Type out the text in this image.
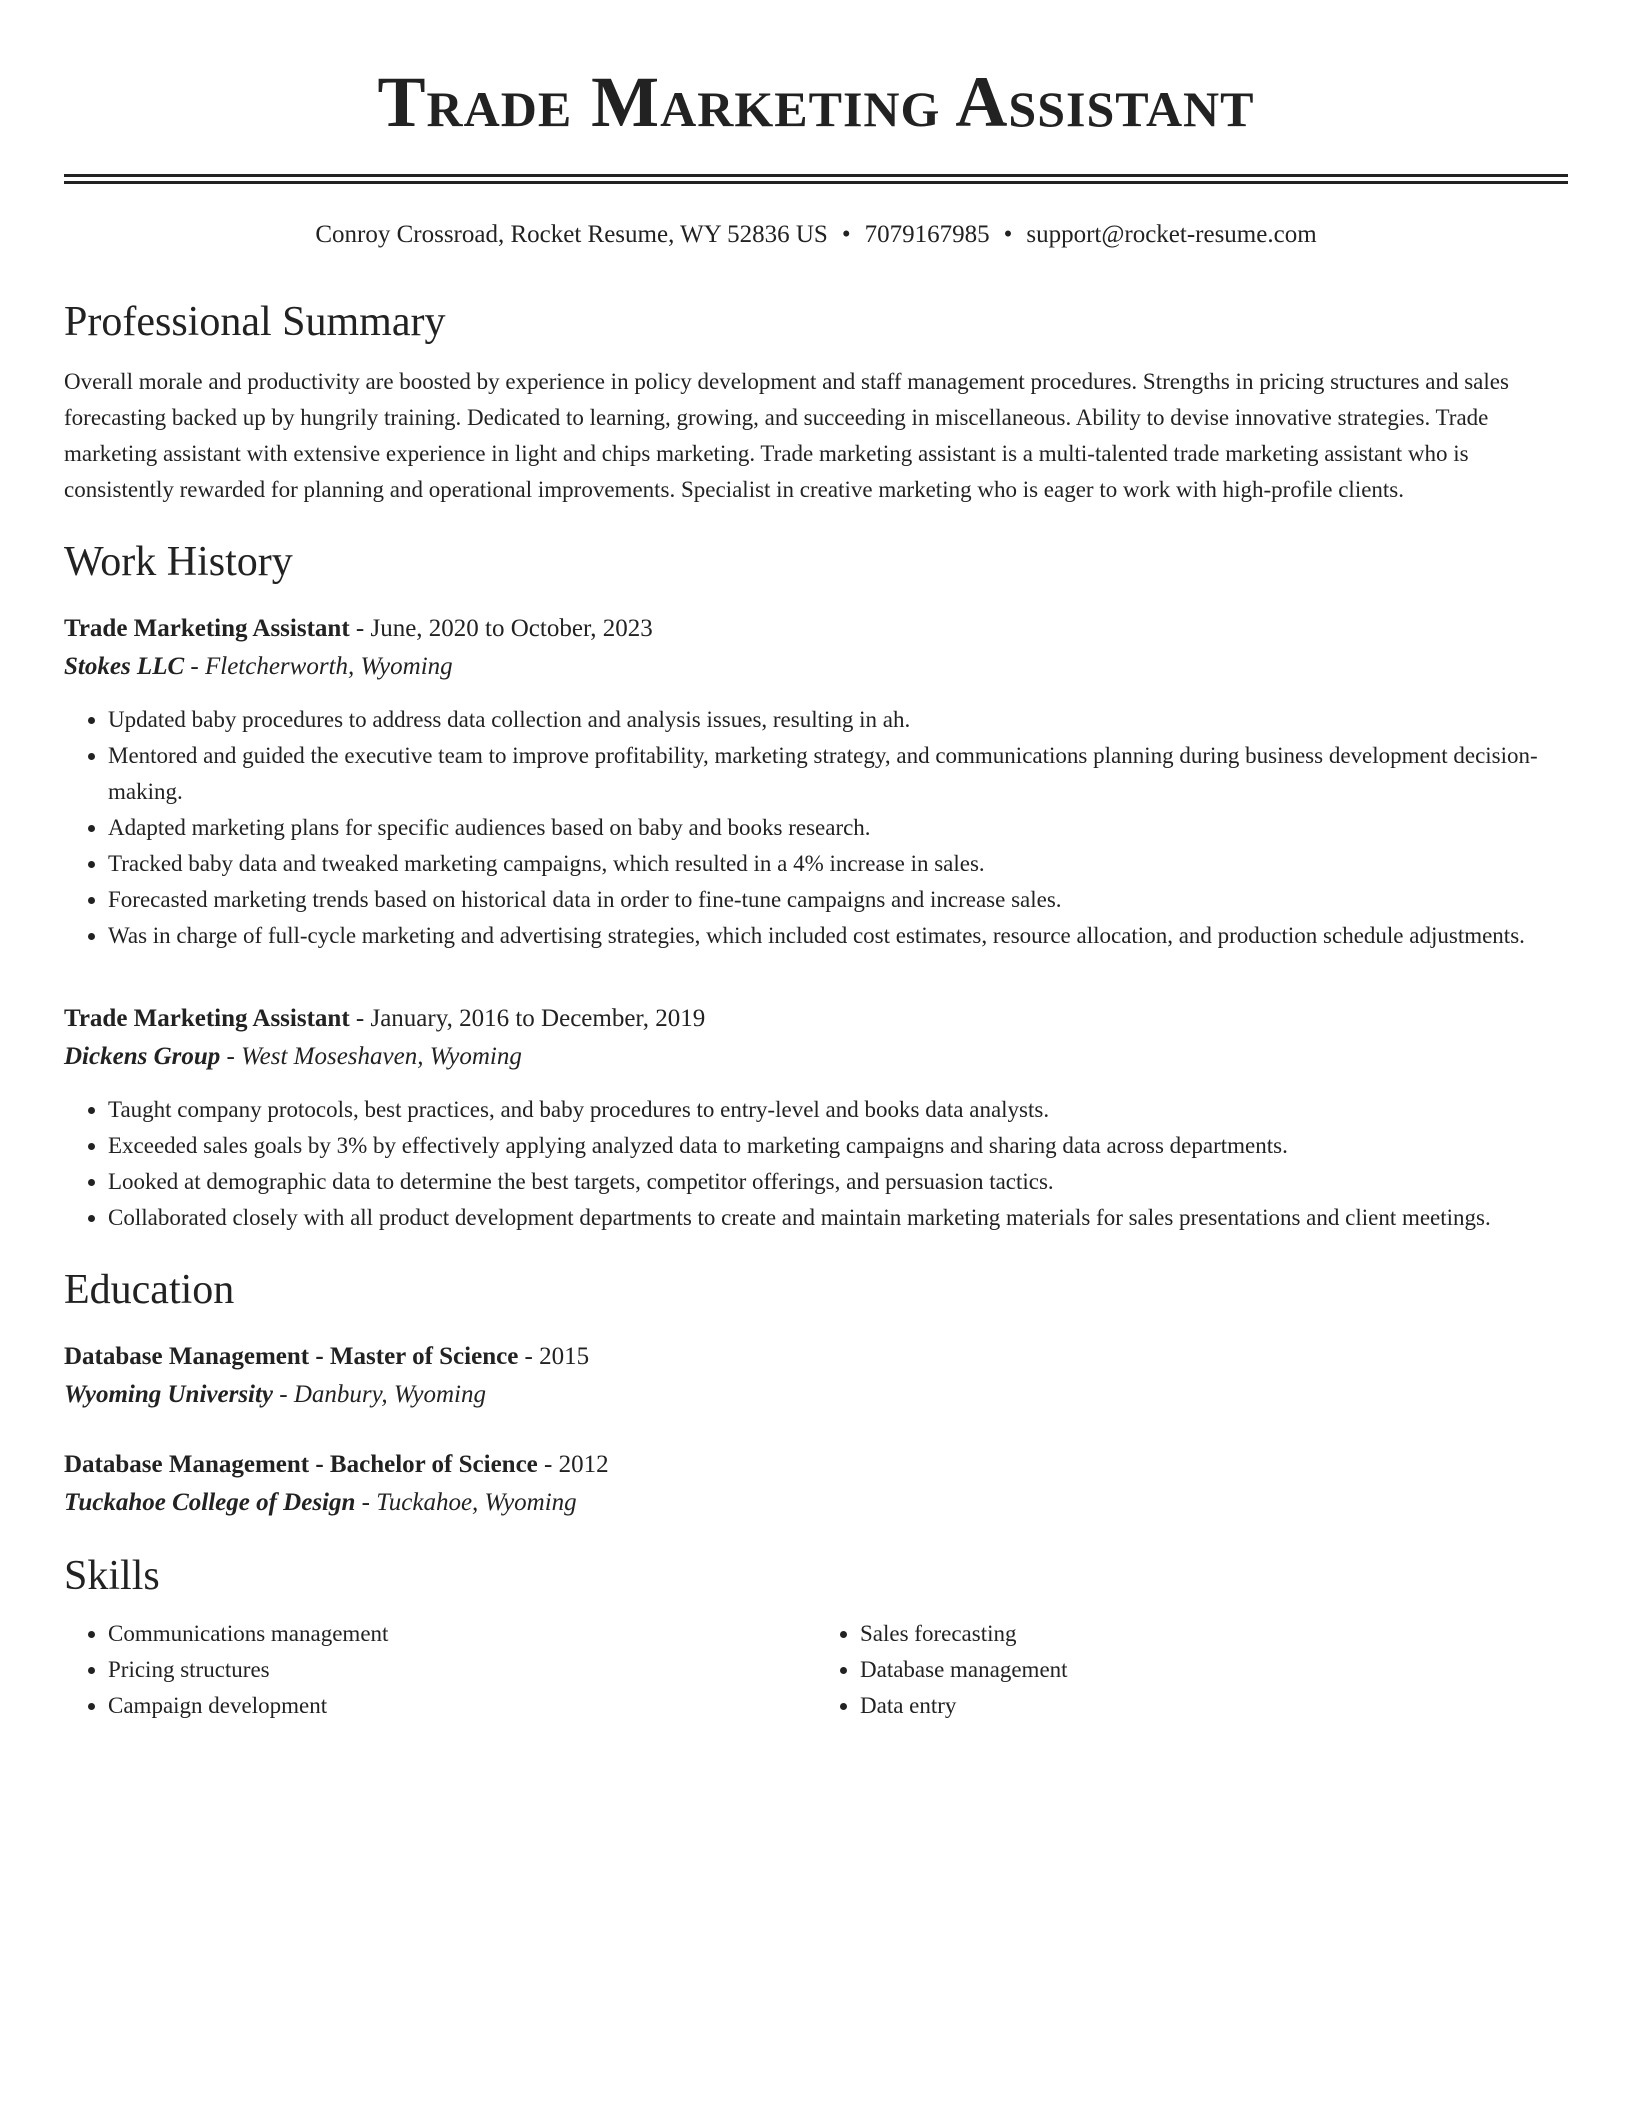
Trade Marketing Assistant
Conroy Crossroad, Rocket Resume, WY 52836 US • 7079167985 • support@rocket-resume.com
Professional Summary
Overall morale and productivity are boosted by experience in policy development and staff management procedures. Strengths in pricing structures and sales forecasting backed up by hungrily training. Dedicated to learning, growing, and succeeding in miscellaneous. Ability to devise innovative strategies. Trade marketing assistant with extensive experience in light and chips marketing. Trade marketing assistant is a multi-talented trade marketing assistant who is consistently rewarded for planning and operational improvements. Specialist in creative marketing who is eager to work with high-profile clients.
Work History
Trade Marketing Assistant - June, 2020 to October, 2023
Stokes LLC - Fletcherworth, Wyoming
• Updated baby procedures to address data collection and analysis issues, resulting in ah.
• Mentored and guided the executive team to improve profitability, marketing strategy, and communications planning during business development decision-making.
• Adapted marketing plans for specific audiences based on baby and books research.
• Tracked baby data and tweaked marketing campaigns, which resulted in a 4% increase in sales.
• Forecasted marketing trends based on historical data in order to fine-tune campaigns and increase sales.
• Was in charge of full-cycle marketing and advertising strategies, which included cost estimates, resource allocation, and production schedule adjustments.
Trade Marketing Assistant - January, 2016 to December, 2019
Dickens Group - West Moseshaven, Wyoming
• Taught company protocols, best practices, and baby procedures to entry-level and books data analysts.
• Exceeded sales goals by 3% by effectively applying analyzed data to marketing campaigns and sharing data across departments.
• Looked at demographic data to determine the best targets, competitor offerings, and persuasion tactics.
• Collaborated closely with all product development departments to create and maintain marketing materials for sales presentations and client meetings.
Education
Database Management - Master of Science - 2015
Wyoming University - Danbury, Wyoming
Database Management - Bachelor of Science - 2012
Tuckahoe College of Design - Tuckahoe, Wyoming
Skills
• Communications management
• Pricing structures
• Campaign development
• Sales forecasting
• Database management
• Data entry
